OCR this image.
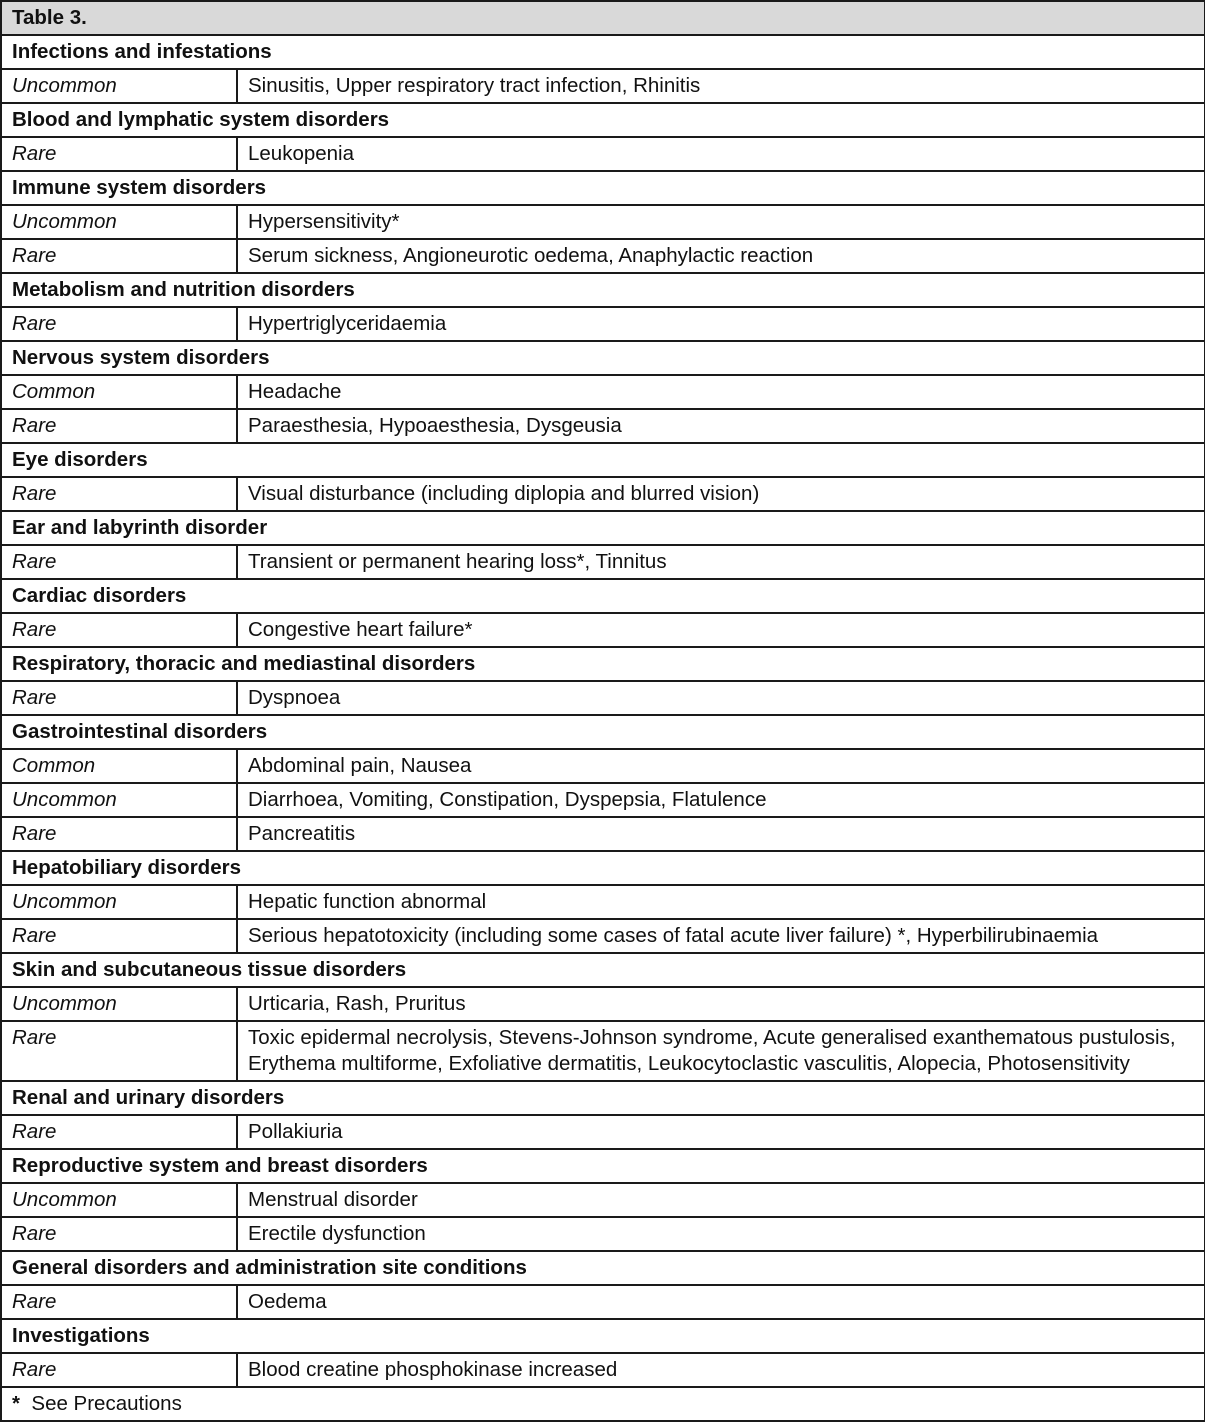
Table 3.	
Infections and infestations	
Uncommon	Sinusitis, Upper respiratory tract infection, Rhinitis
Blood and lymphatic system disorders	
Rare	Leukopenia
Immune system disorders	
Uncommon	Hypersensitivity*
Rare	Serum sickness, Angioneurotic oedema, Anaphylactic reaction
Metabolism and nutrition disorders	
Rare	Hypertriglyceridaemia
Nervous system disorders	
Common	Headache
Rare	Paraesthesia, Hypoaesthesia, Dysgeusia
Eye disorders	
Rare	Visual disturbance (including diplopia and blurred vision)
Ear and labyrinth disorder	
Rare	Transient or permanent hearing loss*, Tinnitus
Cardiac disorders	
Rare	Congestive heart failure*
Respiratory, thoracic and mediastinal disorders	
Rare	Dyspnoea
Gastrointestinal disorders	
Common	Abdominal pain, Nausea
Uncommon	Diarrhoea, Vomiting, Constipation, Dyspepsia, Flatulence
Rare	Pancreatitis
Hepatobiliary disorders	
Uncommon	Hepatic function abnormal
Rare	Serious hepatotoxicity (including some cases of fatal acute liver failure) *, Hyperbilirubinaemia
Skin and subcutaneous tissue disorders	
Uncommon	Urticaria, Rash, Pruritus
Rare	Toxic epidermal necrolysis, Stevens-Johnson syndrome, Acute generalised exanthematous pustulosis, Erythema multiforme, Exfoliative dermatitis, Leukocytoclastic vasculitis, Alopecia, Photosensitivity
Renal and urinary disorders	
Rare	Pollakiuria
Reproductive system and breast disorders	
Uncommon	Menstrual disorder
Rare	Erectile dysfunction
General disorders and administration site conditions	
Rare	Oedema
Investigations	
Rare	Blood creatine phosphokinase increased
* See Precautions	
